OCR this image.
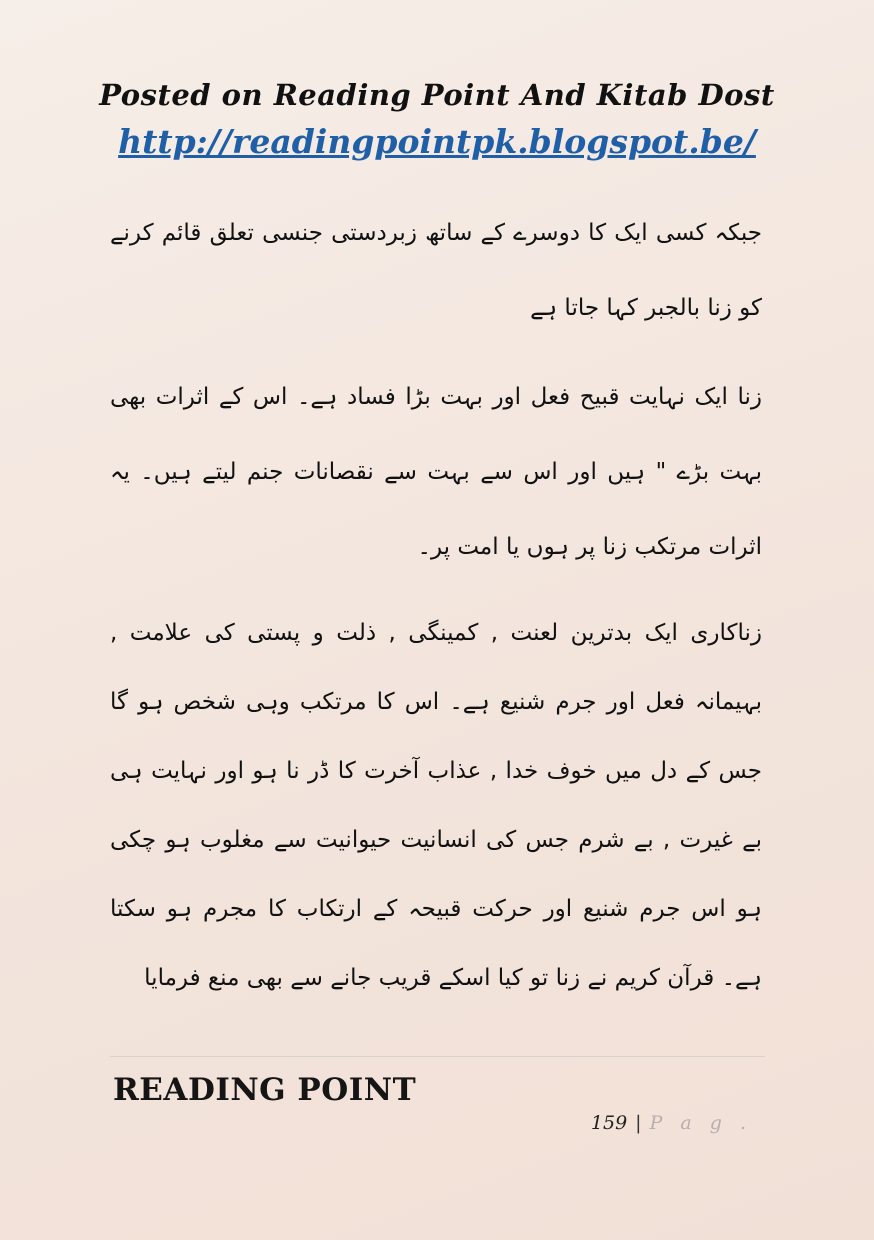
Posted on Reading Point And Kitab Dost
http://readingpointpk.blogspot.be/

جبکہ کسی ایک کا دوسرے کے ساتھ زبردستی جنسی تعلق قائم کرنے کو زنا بالجبر کہا جاتا ہے

زنا ایک نہایت قبیح فعل اور بہت بڑا فساد ہے۔ اس کے اثرات بھی بہت بڑے " ہیں اور اس سے بہت سے نقصانات جنم لیتے ہیں۔ یہ اثرات مرتکب زنا پر ہوں یا امت پر۔

زناکاری ایک بدترین لعنت , کمینگی , ذلت و پستی کی علامت , بہیمانہ فعل اور جرم شنیع ہے۔ اس کا مرتکب وہی شخص ہو گا جس کے دل میں خوف خدا , عذاب آخرت کا ڈر نا ہو اور نہایت ہی بے غیرت , بے شرم جس کی انسانیت حیوانیت سے مغلوب ہو چکی ہو اس جرم شنیع اور حرکت قبیحہ کے ارتکاب کا مجرم ہو سکتا ہے۔ قرآن کریم نے زنا تو کیا اسکے قریب جانے سے بھی منع فرمایا

READING POINT
159 | P a g .
